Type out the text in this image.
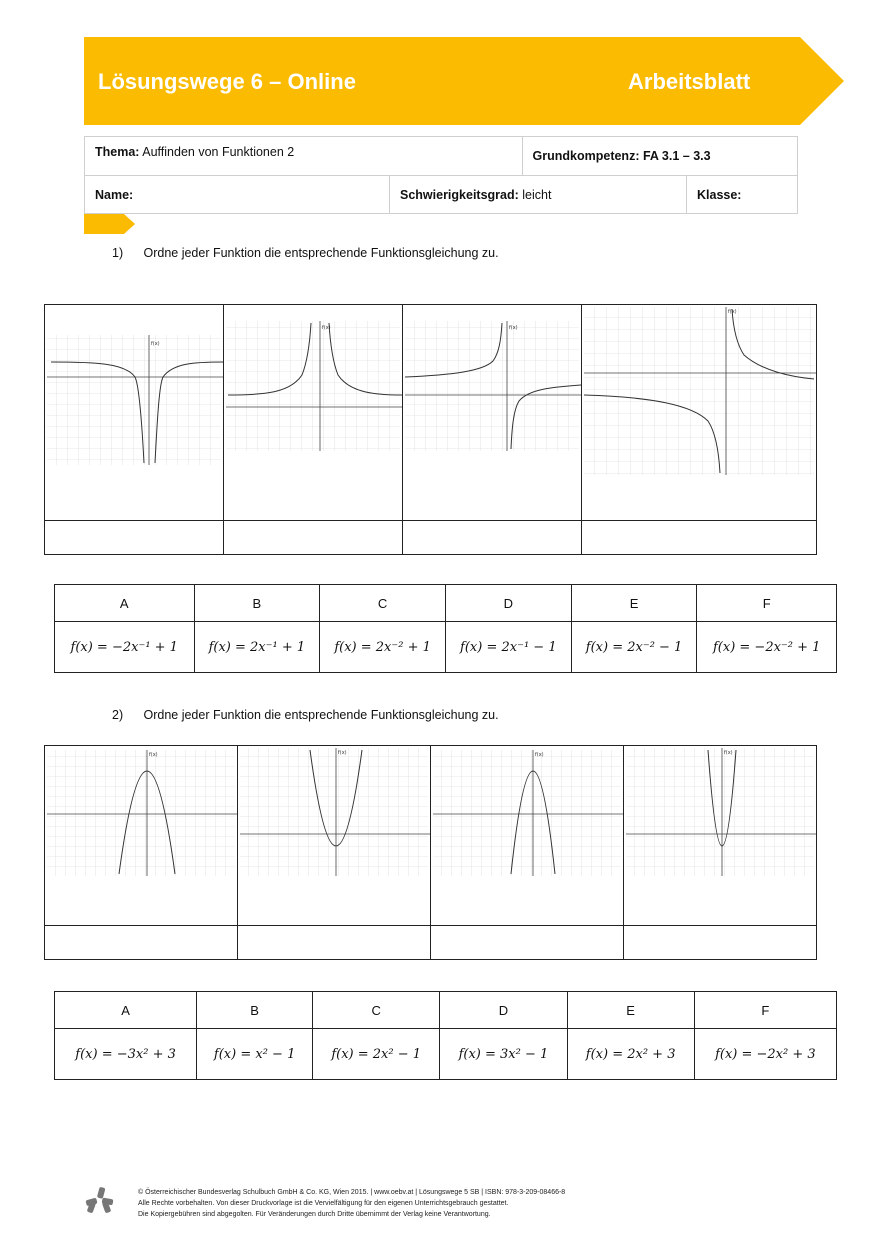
Lösungswege 6 – Online	Arbeitsblatt
Thema: Auffinden von Funktionen 2		Grundkompetenz: FA 3.1 – 3.3	
Name:	Schwierigkeitsgrad: leicht		Klasse:
1) Ordne jeder Funktion die entsprechende Funktionsgleichung zu.
f(x)	f(x)	f(x)	f(x)

A	B	C	D	E	F
f(x) = −2x⁻¹ + 1	f(x) = 2x⁻¹ + 1	f(x) = 2x⁻² + 1	f(x) = 2x⁻¹ − 1	f(x) = 2x⁻² − 1	f(x) = −2x⁻² + 1
2) Ordne jeder Funktion die entsprechende Funktionsgleichung zu.
f(x)	f(x)	f(x)	f(x)

A	B	C	D	E	F
f(x) = −3x² + 3	f(x) = x² − 1	f(x) = 2x² − 1	f(x) = 3x² − 1	f(x) = 2x² + 3	f(x) = −2x² + 3
© Österreichischer Bundesverlag Schulbuch GmbH & Co. KG, Wien 2015. | www.oebv.at | Lösungswege 5 SB | ISBN: 978-3-209-08466-8
Alle Rechte vorbehalten. Von dieser Druckvorlage ist die Vervielfältigung für den eigenen Unterrichtsgebrauch gestattet.
Die Kopiergebühren sind abgegolten. Für Veränderungen durch Dritte übernimmt der Verlag keine Verantwortung.
